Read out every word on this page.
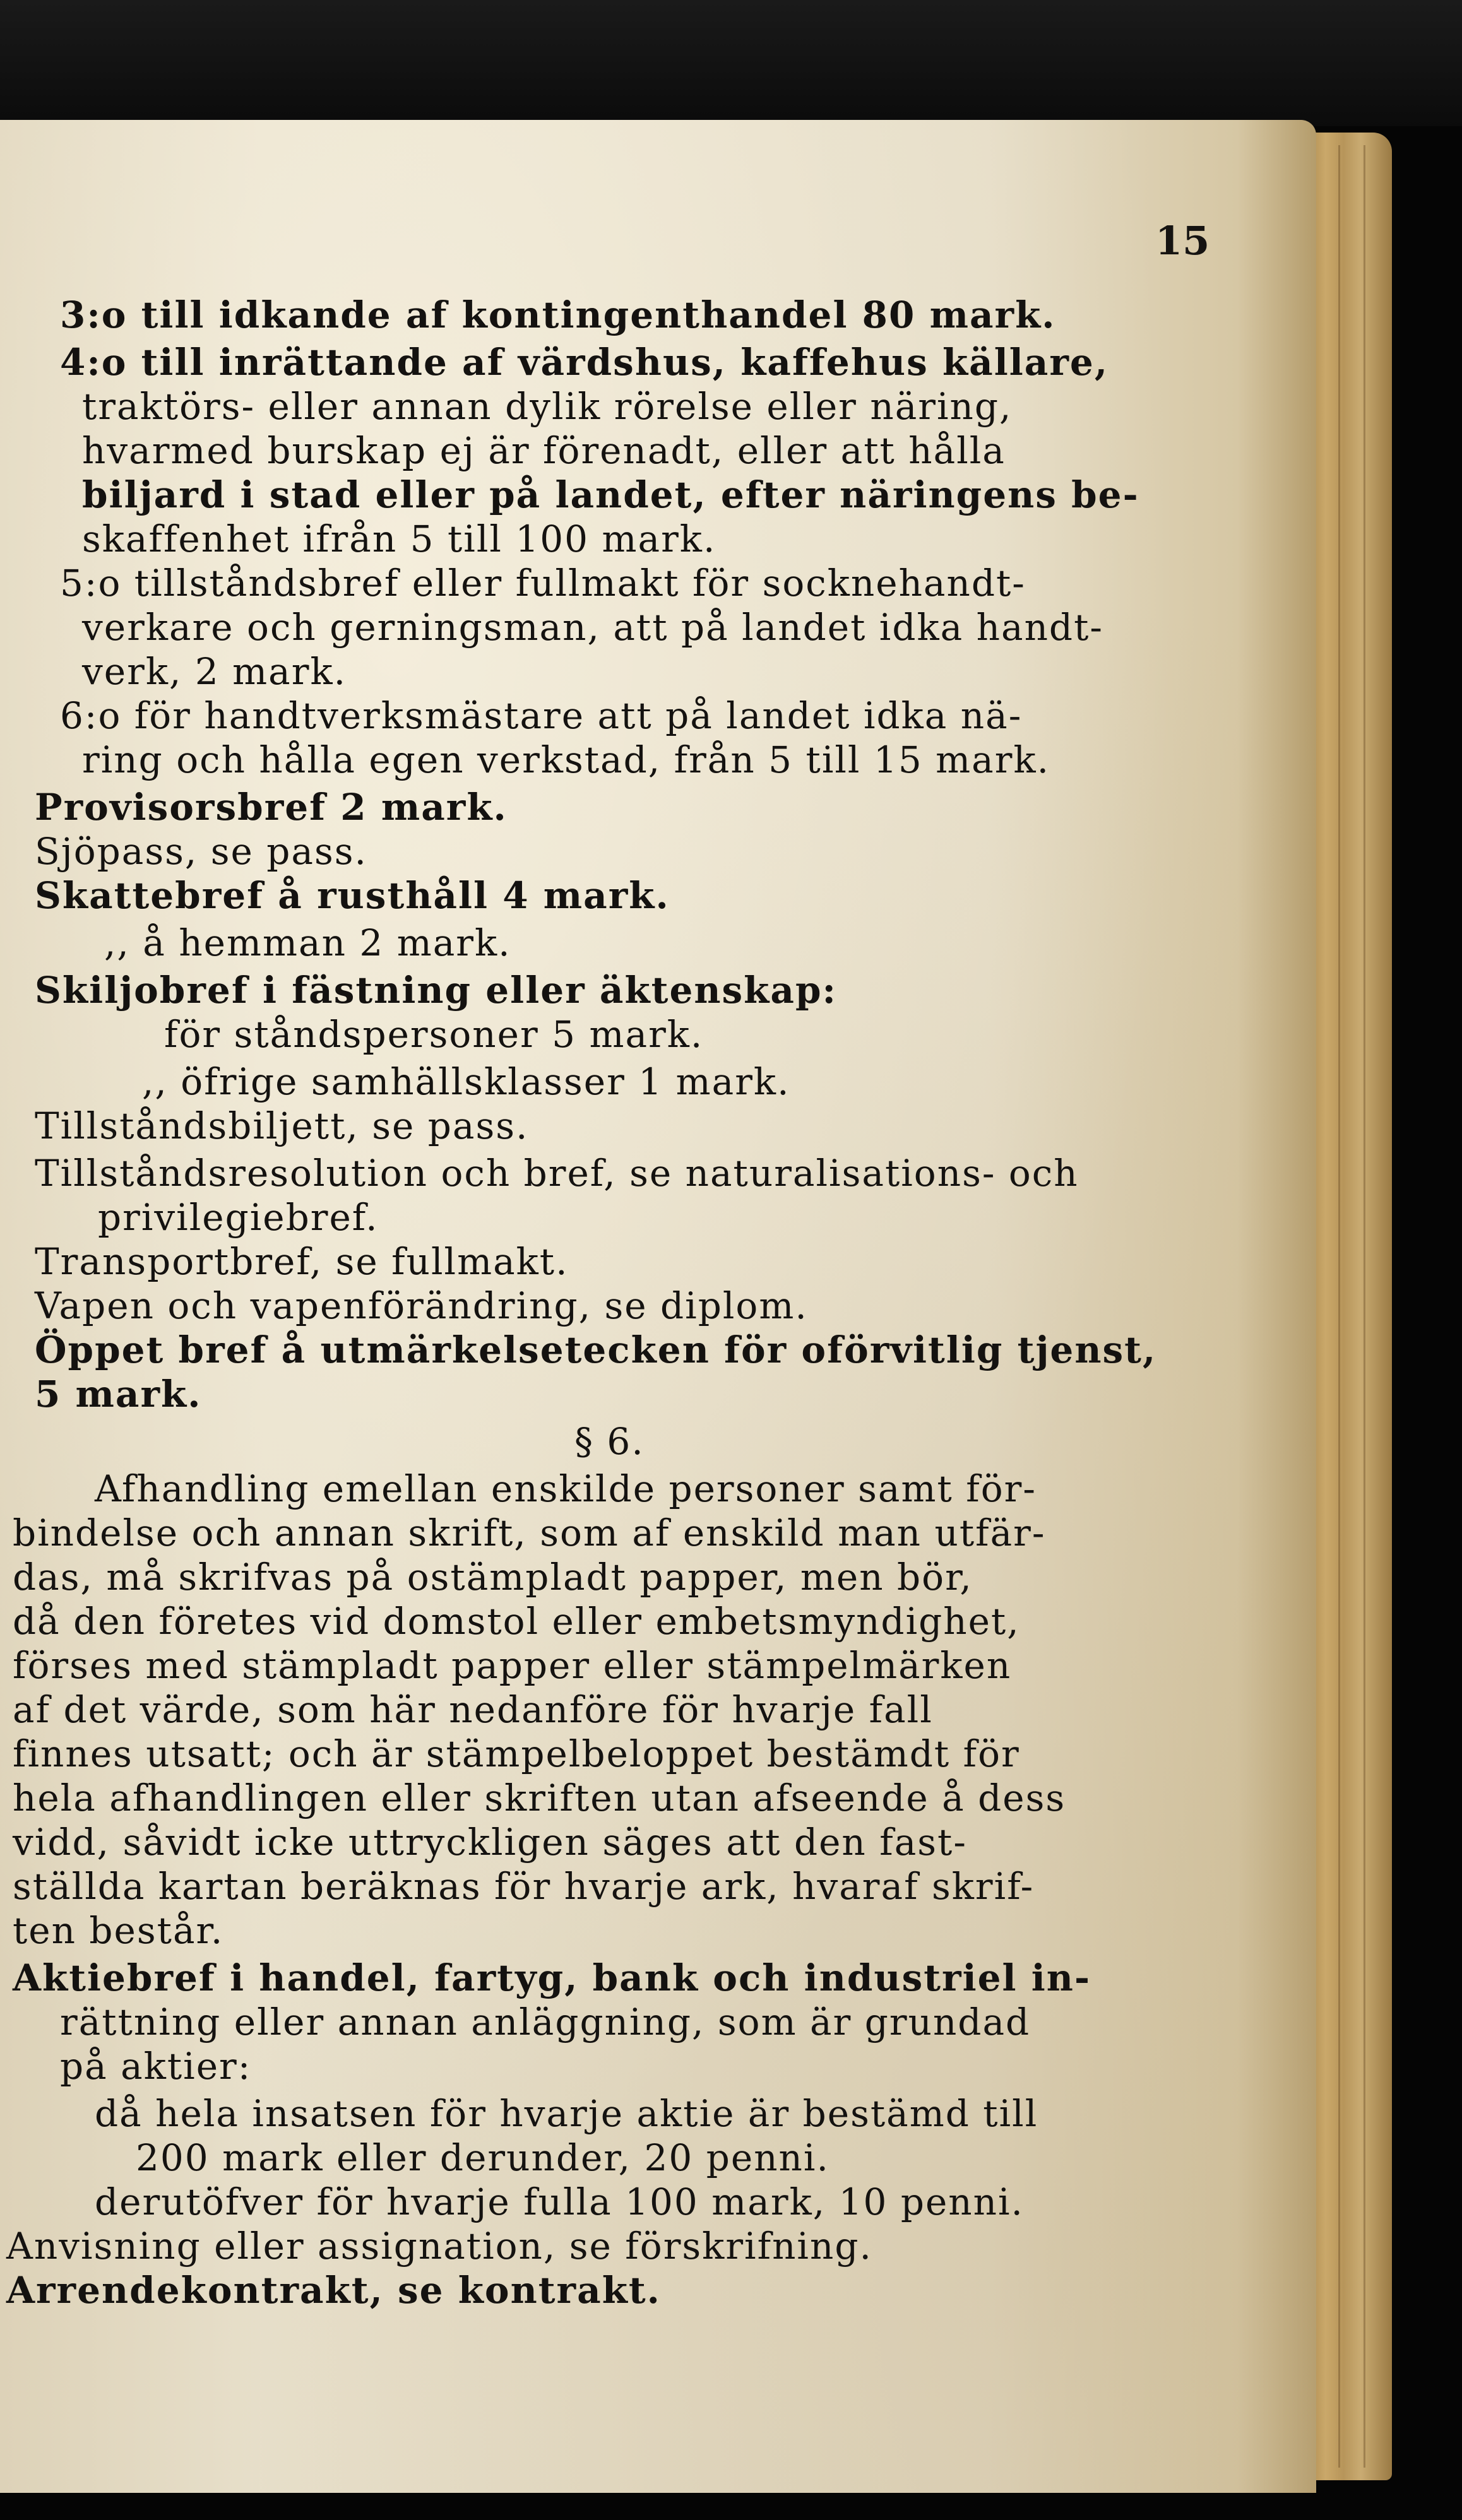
15
3:o till idkande af kontingenthandel 80 mark.
4:o till inrättande af värdshus, kaffehus källare,
traktörs- eller annan dylik rörelse eller näring,
hvarmed burskap ej är förenadt, eller att hålla
biljard i stad eller på landet, efter näringens be-
skaffenhet ifrån 5 till 100 mark.
5:o tillståndsbref eller fullmakt för socknehandt-
verkare och gerningsman, att på landet idka handt-
verk, 2 mark.
6:o för handtverksmästare att på landet idka nä-
ring och hålla egen verkstad, från 5 till 15 mark.
Provisorsbref 2 mark.
Sjöpass, se pass.
Skattebref å rusthåll 4 mark.
,, å hemman 2 mark.
Skiljobref i fästning eller äktenskap:
för ståndspersoner 5 mark.
,, öfrige samhällsklasser 1 mark.
Tillståndsbiljett, se pass.
Tillståndsresolution och bref, se naturalisations- och
privilegiebref.
Transportbref, se fullmakt.
Vapen och vapenförändring, se diplom.
Öppet bref å utmärkelsetecken för oförvitlig tjenst,
5 mark.
§ 6.
Afhandling emellan enskilde personer samt för-
bindelse och annan skrift, som af enskild man utfär-
das, må skrifvas på ostämpladt papper, men bör,
då den företes vid domstol eller embetsmyndighet,
förses med stämpladt papper eller stämpelmärken
af det värde, som här nedanföre för hvarje fall
finnes utsatt; och är stämpelbeloppet bestämdt för
hela afhandlingen eller skriften utan afseende å dess
vidd, såvidt icke uttryckligen säges att den fast-
ställda kartan beräknas för hvarje ark, hvaraf skrif-
ten består.
Aktiebref i handel, fartyg, bank och industriel in-
rättning eller annan anläggning, som är grundad
på aktier:
då hela insatsen för hvarje aktie är bestämd till
200 mark eller derunder, 20 penni.
derutöfver för hvarje fulla 100 mark, 10 penni.
Anvisning eller assignation, se förskrifning.
Arrendekontrakt, se kontrakt.
